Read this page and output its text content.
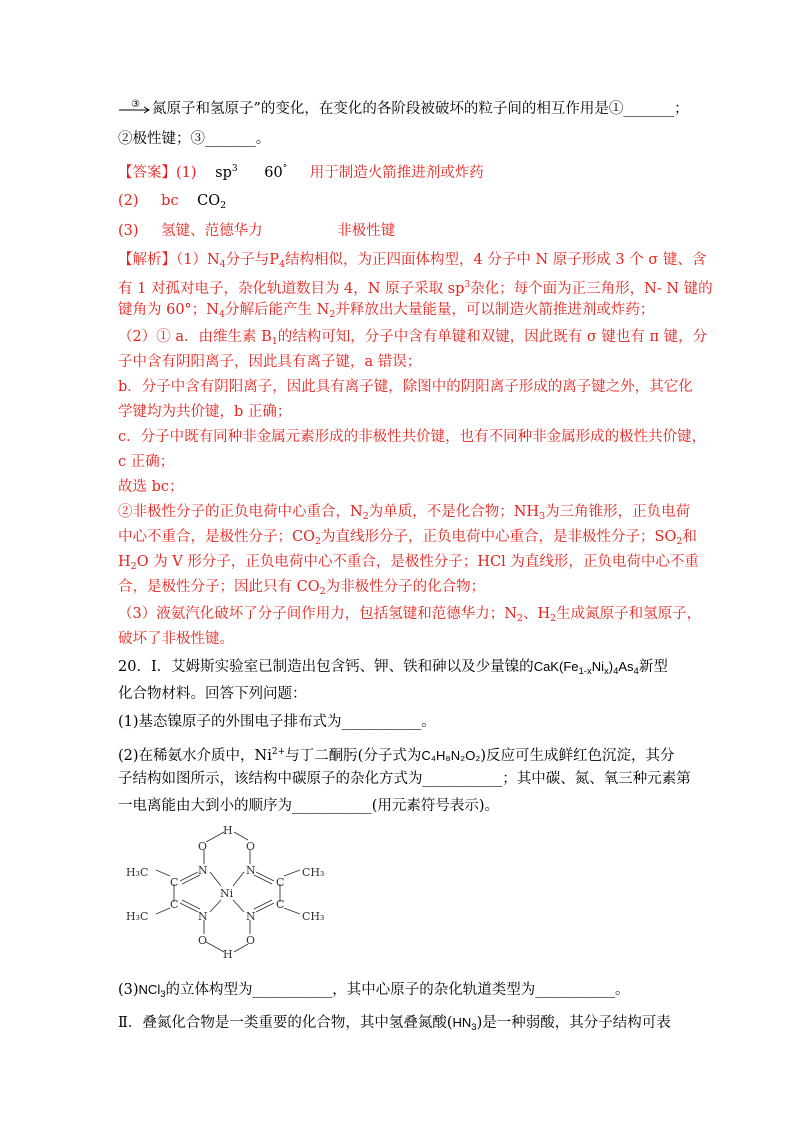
③ 氮原子和氢原子”的变化，在变化的各阶段被破坏的粒子间的相互作用是①_______；
②极性键；③_______。
【答案】(1) $sp^3$ 60° 用于制造火箭推进剂或炸药
(2) bc $CO_2$
(3) 氢键、范德华力	非极性键
【解析】$(1)N_4$分子与$P_4$结构相似，为正四面体构型，4 分子中 N 原子形成 3 个 σ 键、含
有 1 对孤对电子，杂化轨道数目为 4，N 原子采取 $sp^3$杂化；每个面为正三角形，N- N 键的
键角为 60°；$N_4$分解后能产生 $N_2$并释放出大量能量，可以制造火箭推进剂或炸药；
（2）① a．由维生素 $B_1$的结构可知，分子中含有单键和双键，因此既有 σ 键也有 π 键，分
子中含有阴阳离子，因此具有离子键，a 错误；
b．分子中含有阴阳离子，因此具有离子键，除图中的阴阳离子形成的离子键之外，其它化
学键均为共价键，b 正确；
c．分子中既有同种非金属元素形成的非极性共价键，也有不同种非金属形成的极性共价键，
c 正确；
故选 bc；
②非极性分子的正负电荷中心重合，$N_2$为单质，不是化合物；$NH_3$为三角锥形，正负电荷
中心不重合，是极性分子；$CO_2$为直线形分子，正负电荷中心重合，是非极性分子；$SO_2$和
$H_2O$ 为 V 形分子，正负电荷中心不重合，是极性分子；HCl 为直线形，正负电荷中心不重
合，是极性分子；因此只有 $CO_2$为非极性分子的化合物；
（3）液氨汽化破坏了分子间作用力，包括氢键和范德华力；$N_2$、$H_2$生成氮原子和氢原子，
破坏了非极性键。
20．Ⅰ．艾姆斯实验室已制造出包含钙、钾、铁和砷以及少量镍的$CaK(Fe_{1-x}Ni_x)_4As_4$新型
化合物材料。回答下列问题：
(1)基态镍原子的外围电子排布式为___________。
(2)在稀氨水介质中，$Ni^{2+}$与丁二酮肟(分子式为C₄H₈N₂O₂)反应可生成鲜红色沉淀，其分
子结构如图所示，该结构中碳原子的杂化方式为___________；其中碳、氮、氧三种元素第
一电离能由大到小的顺序为___________(用元素符号表示)。
H
O	O
N	N
C	C
Ni
C	C
N	N
O	O
H
H₃C
H₃C
CH₃
CH₃
(3)NCl$_3$的立体构型为___________，其中心原子的杂化轨道类型为___________。
Ⅱ．叠氮化合物是一类重要的化合物，其中氢叠氮酸$(HN_3)$是一种弱酸，其分子结构可表
